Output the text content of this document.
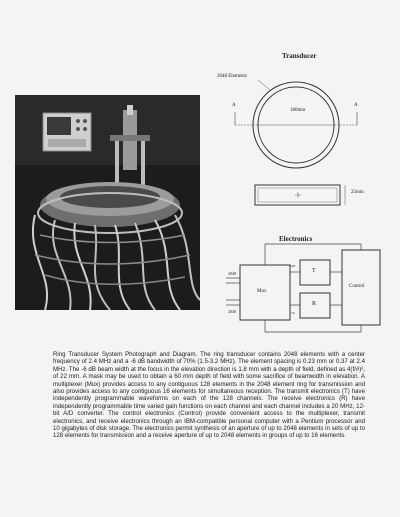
Transducer
2048 Elements
180mm
25mm
A	A
Electronics
2048
2048
Mux
T
R
Control
128
16
Ring Transducer System Photograph and Diagram. The ring transducer contains 2048 elements with a center frequency of 2.4 MHz and a -6 dB bandwidth of 70% (1.5-3.2 MHz). The element spacing is 0.23 mm or 0.37 at 2.4 MHz. The -6 dB beam width at the focus in the elevation direction is 1.8 mm with a depth of field, defined as 4(f/#)², of 22 mm. A mask may be used to obtain a 60 mm depth of field with some sacrifice of beamwidth in elevation. A multiplexer (Mux) provides access to any contiguous 128 elements in the 2048 element ring for transmission and also provides access to any contiguous 16 elements for simultaneous reception. The transmit electronics (T) have independently programmable waveforms on each of the 128 channels. The receive electronics (R) have independently programmable time varied gain functions on each channel and each channel includes a 20 MHz, 12-bit A/D converter. The control electronics (Control) provide convenient access to the multiplexer, transmit electronics, and receive electronics through an IBM-compatible personal computer with a Pentium processor and 10 gigabytes of disk storage. The electronics permit synthesis of an aperture of up to 2048 elements in sets of up to 128 elements for transmission and a receive aperture of up to 2048 elements in groups of up to 16 elements.
